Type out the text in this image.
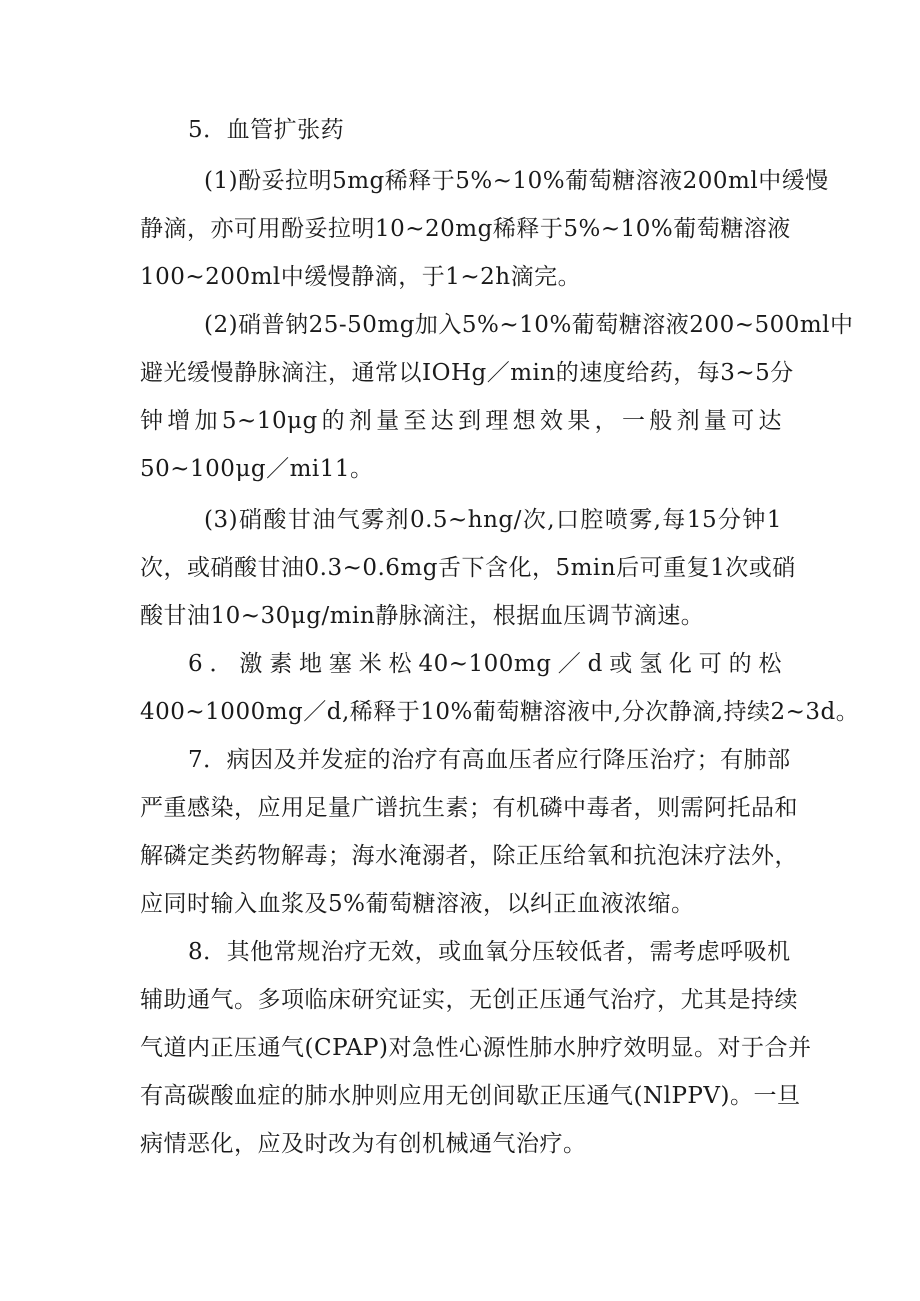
5．血管扩张药
(1)酚妥拉明5mg稀释于5%~10%葡萄糖溶液200ml中缓慢
静滴，亦可用酚妥拉明10~20mg稀释于5%~10%葡萄糖溶液
100~200ml中缓慢静滴，于1~2h滴完。
(2)硝普钠25-50mg加入5%~10%葡萄糖溶液200~500ml中
避光缓慢静脉滴注，通常以IOHg／min的速度给药，每3~5分
钟增加5~10μg的剂量至达到理想效果，一般剂量可达
50~100μg／mi11。
(3)硝酸甘油气雾剂0.5~hng/次,口腔喷雾,每15分钟1
次，或硝酸甘油0.3~0.6mg舌下含化，5min后可重复1次或硝
酸甘油10~30μg/min静脉滴注，根据血压调节滴速。
6．激素地塞米松40~100mg／d或氢化可的松
400~1000mg／d,稀释于10%葡萄糖溶液中,分次静滴,持续2~3d。
7．病因及并发症的治疗有高血压者应行降压治疗；有肺部
严重感染，应用足量广谱抗生素；有机磷中毒者，则需阿托品和
解磷定类药物解毒；海水淹溺者，除正压给氧和抗泡沫疗法外，
应同时输入血浆及5%葡萄糖溶液，以纠正血液浓缩。
8．其他常规治疗无效，或血氧分压较低者，需考虑呼吸机
辅助通气。多项临床研究证实，无创正压通气治疗，尤其是持续
气道内正压通气(CPAP)对急性心源性肺水肿疗效明显。对于合并
有高碳酸血症的肺水肿则应用无创间歇正压通气(NlPPV)。一旦
病情恶化，应及时改为有创机械通气治疗。
